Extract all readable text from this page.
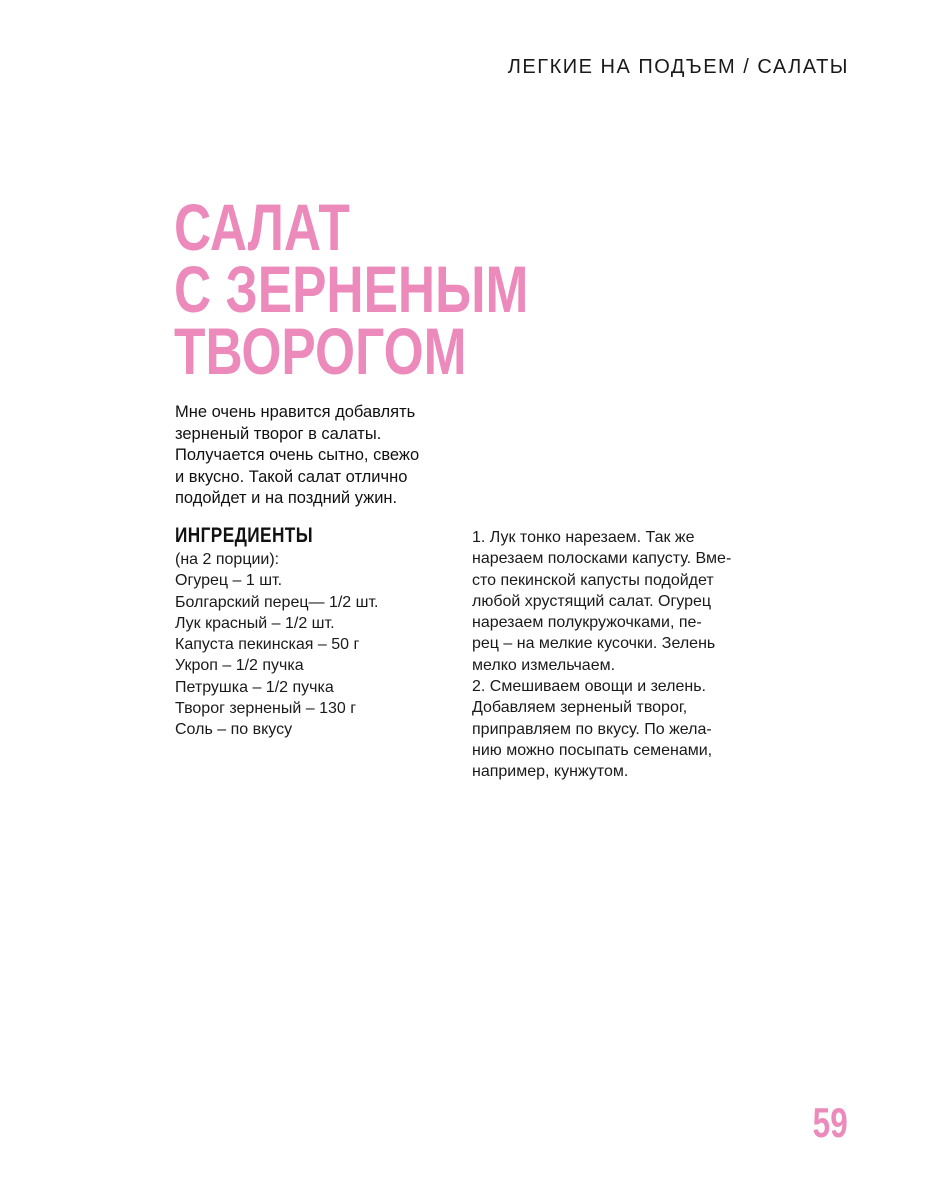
ЛЕГКИЕ НА ПОДЪЕМ / САЛАТЫ
САЛАТ
С ЗЕРНЕНЫМ
ТВОРОГОМ
Мне очень нравится добавлять
зерненый творог в салаты.
Получается очень сытно, свежо
и вкусно. Такой салат отлично
подойдет и на поздний ужин.
ИНГРЕДИЕНТЫ
(на 2 порции):
Огурец – 1 шт.
Болгарский перец— 1/2 шт.
Лук красный – 1/2 шт.
Капуста пекинская – 50 г
Укроп – 1/2 пучка
Петрушка – 1/2 пучка
Творог зерненый – 130 г
Соль – по вкусу
1. Лук тонко нарезаем. Так же
нарезаем полосками капусту. Вме-
сто пекинской капусты подойдет
любой хрустящий салат. Огурец
нарезаем полукружочками, пе-
рец – на мелкие кусочки. Зелень
мелко измельчаем.
2. Смешиваем овощи и зелень.
Добавляем зерненый творог,
приправляем по вкусу. По жела-
нию можно посыпать семенами,
например, кунжутом.
59
